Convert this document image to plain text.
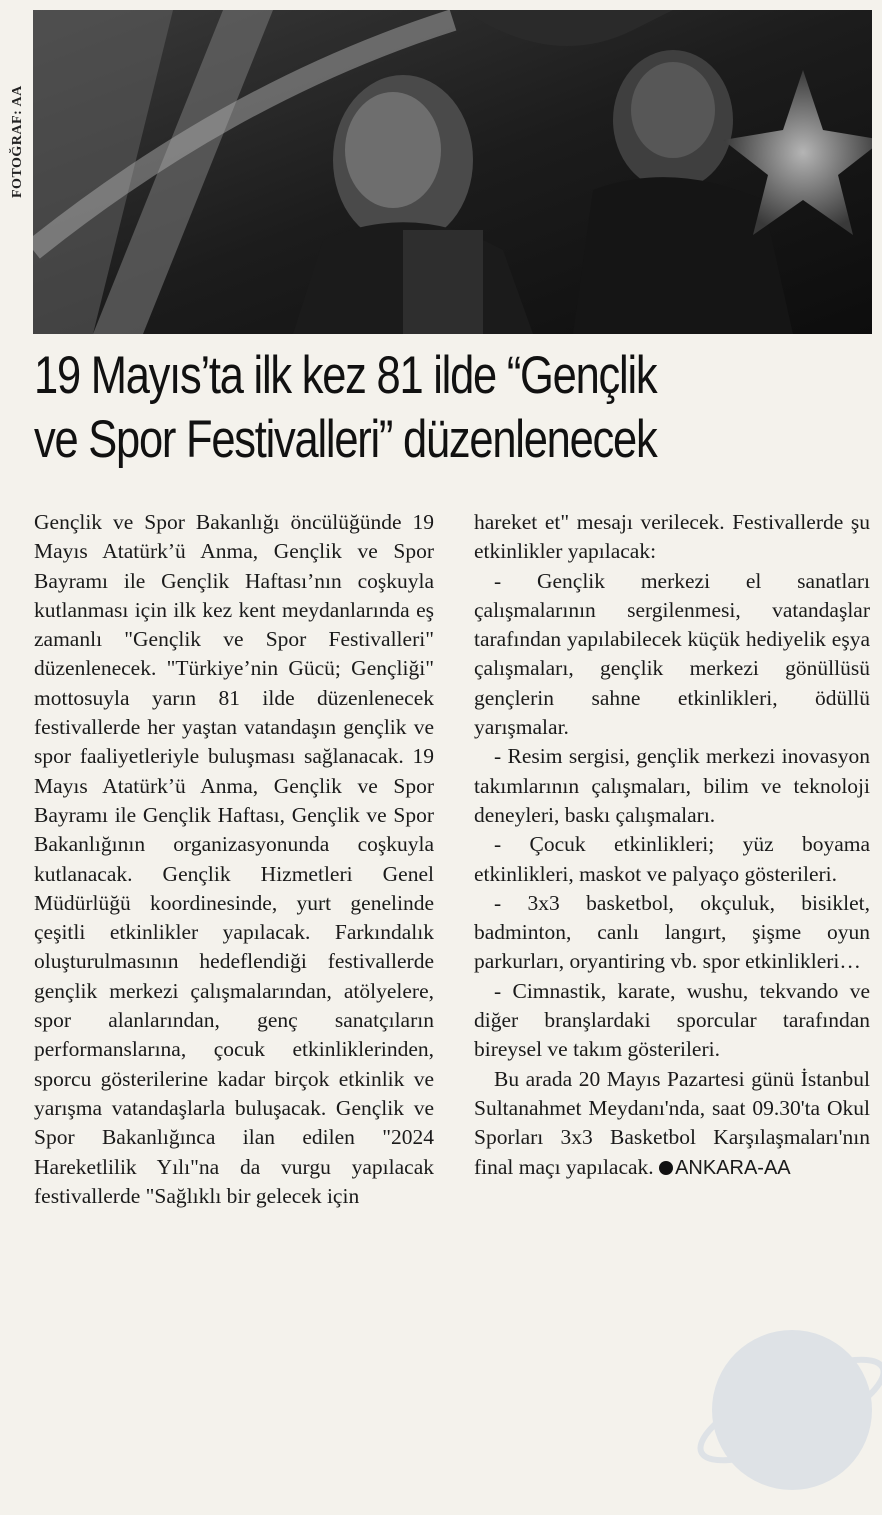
FOTOĞRAF: AA
19 Mayıs’ta ilk kez 81 ilde “Gençlik
ve Spor Festivalleri” düzenlenecek

Gençlik ve Spor Bakanlığı öncülüğünde 19 Mayıs Atatürk’ü Anma, Gençlik ve Spor Bayramı ile Gençlik Haftası’nın coşkuyla kutlanması için ilk kez kent meydanlarında eş zamanlı "Gençlik ve Spor Festivalleri" düzenlenecek. "Türkiye’nin Gücü; Gençliği" mottosuyla yarın 81 ilde düzenlenecek festivallerde her yaştan vatandaşın gençlik ve spor faaliyetleriyle buluşması sağlanacak. 19 Mayıs Atatürk’ü Anma, Gençlik ve Spor Bayramı ile Gençlik Haftası, Gençlik ve Spor Bakanlığının organizasyonunda coşkuyla kutlanacak. Gençlik Hizmetleri Genel Müdürlüğü koordinesinde, yurt genelinde çeşitli etkinlikler yapılacak. Farkındalık oluşturulmasının hedeflendiği festivallerde gençlik merkezi çalışmalarından, atölyelere, spor alanlarından, genç sanatçıların performanslarına, çocuk etkinliklerinden, sporcu gösterilerine kadar birçok etkinlik ve yarışma vatandaşlarla buluşacak. Gençlik ve Spor Bakanlığınca ilan edilen "2024 Hareketlilik Yılı"na da vurgu yapılacak festivallerde "Sağlıklı bir gelecek için

hareket et" mesajı verilecek. Festivallerde şu etkinlikler yapılacak:

- Gençlik merkezi el sanatları çalışmalarının sergilenmesi, vatandaşlar tarafından yapılabilecek küçük hediyelik eşya çalışmaları, gençlik merkezi gönüllüsü gençlerin sahne etkinlikleri, ödüllü yarışmalar.

- Resim sergisi, gençlik merkezi inovasyon takımlarının çalışmaları, bilim ve teknoloji deneyleri, baskı çalışmaları.

- Çocuk etkinlikleri; yüz boyama etkinlikleri, maskot ve palyaço gösterileri.

- 3x3 basketbol, okçuluk, bisiklet, badminton, canlı langırt, şişme oyun parkurları, oryantiring vb. spor etkinlikleri…

- Cimnastik, karate, wushu, tekvando ve diğer branşlardaki sporcular tarafından bireysel ve takım gösterileri.

Bu arada 20 Mayıs Pazartesi günü İstanbul Sultanahmet Meydanı'nda, saat 09.30'ta Okul Sporları 3x3 Basketbol Karşılaşmaları'nın final maçı yapılacak. ANKARA-AA
